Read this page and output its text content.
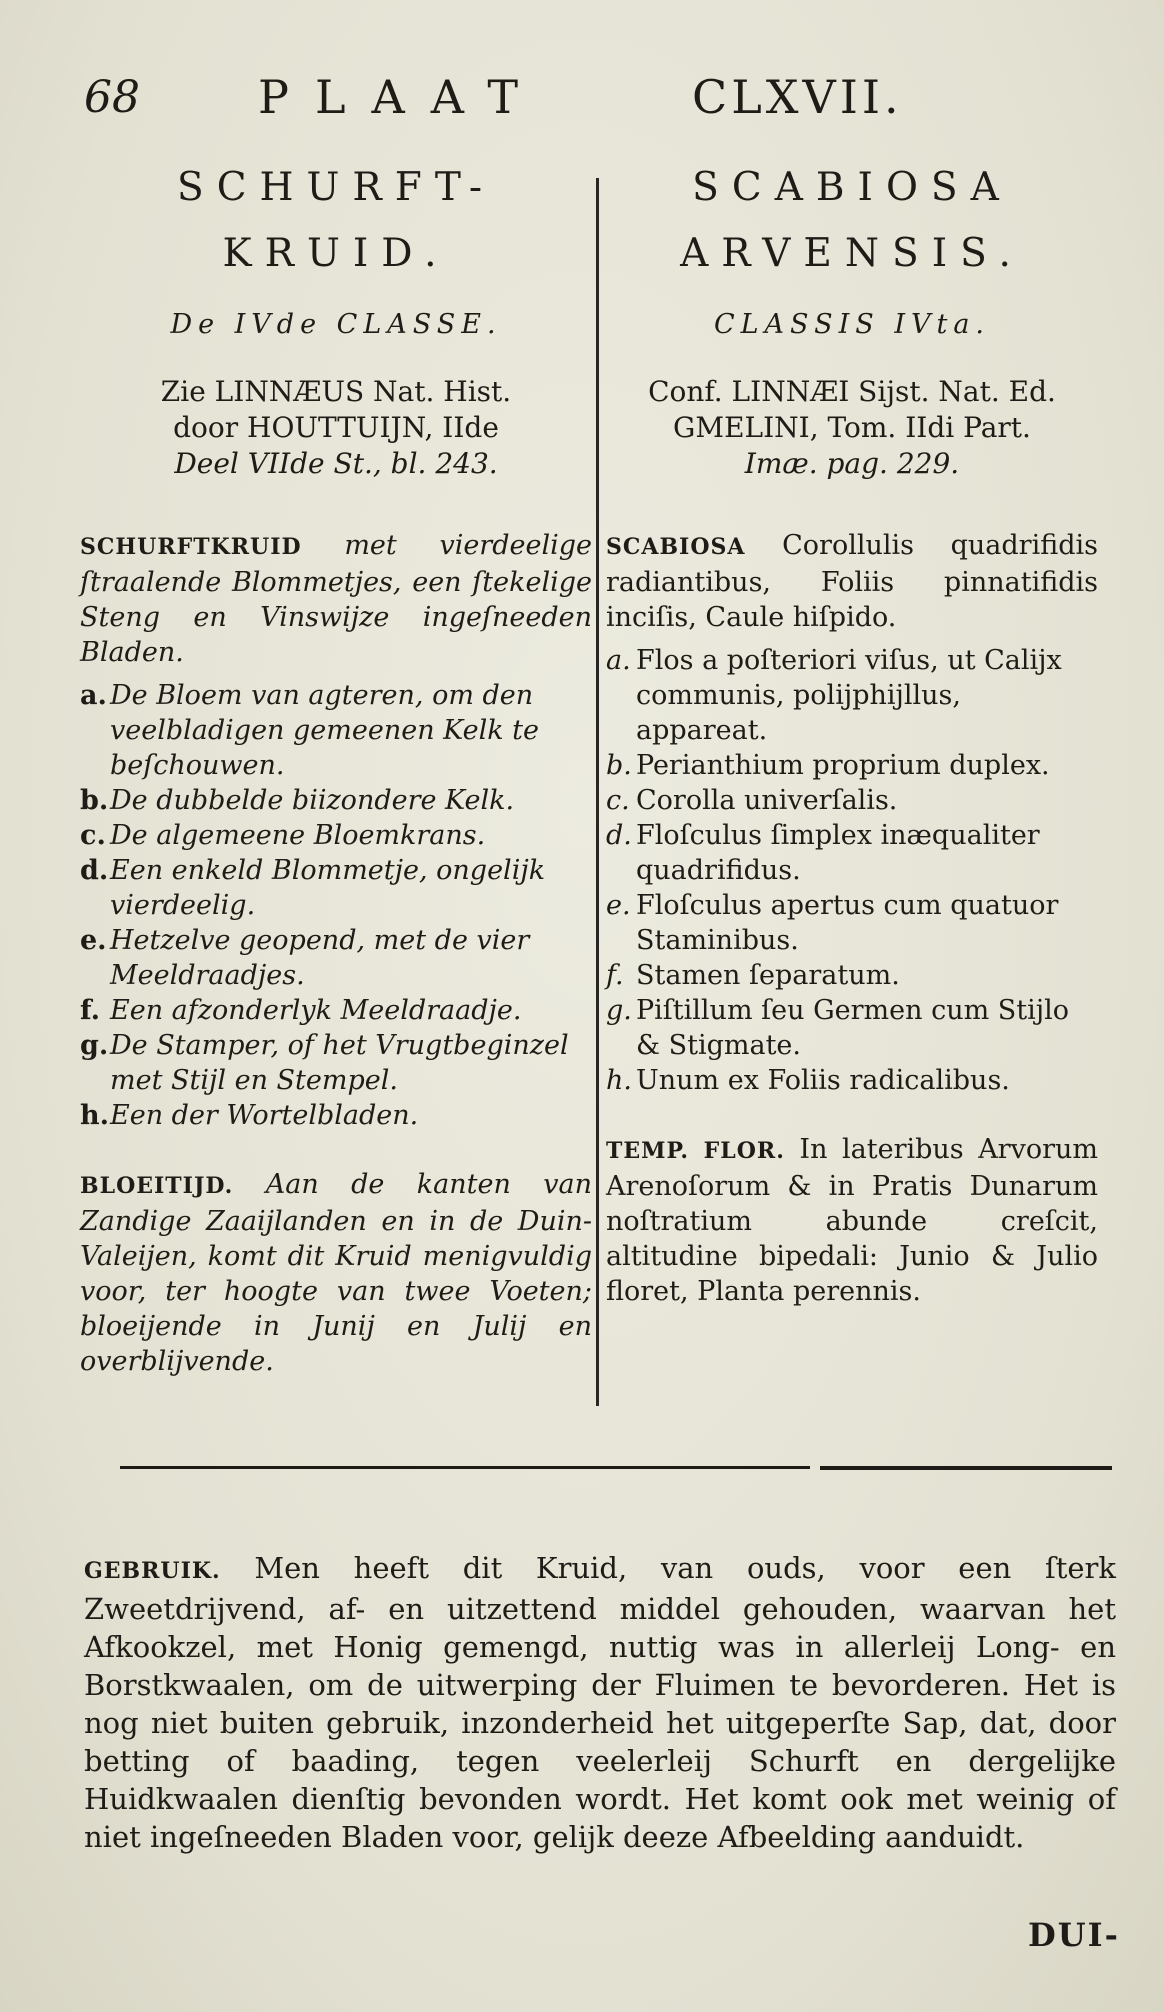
68	PLAAT	CLXVII.

SCHURFT-

KRUID.

De IVde CLASSE.

Zie LINNÆUS Nat. Hist.
door HOUTTUIJN, IIde
Deel VIIde St., bl. 243.

SCHURFTKRUID met vierdeelige ſtraalende Blommetjes, een ſtekelige Steng en Vinswijze ingeſneeden Bladen.

a. De Bloem van agteren, om den veelbladigen gemeenen Kelk te beſchouwen.
b. De dubbelde biizondere Kelk.
c. De algemeene Bloemkrans.
d. Een enkeld Blommetje, ongelijk vierdeelig.
e. Hetzelve geopend, met de vier Meeldraadjes.
f. Een afzonderlyk Meeldraadje.
g. De Stamper, of het Vrugtbeginzel met Stijl en Stempel.
h. Een der Wortelbladen.

BLOEITIJD. Aan de kanten van Zandige Zaaijlanden en in de Duin-Valeijen, komt dit Kruid menigvuldig voor, ter hoogte van twee Voeten; bloeijende in Junij en Julij en overblijvende.

SCABIOSA

ARVENSIS.

CLASSIS IVta.

Conf. LINNÆI Sijst. Nat. Ed.
GMELINI, Tom. IIdi Part.
Imæ. pag. 229.

SCABIOSA Corollulis quadrifidis radiantibus, Foliis pinnatifidis inciſis, Caule hiſpido.

a. Flos a poſteriori viſus, ut Calijx communis, polijphijllus, appareat.
b. Perianthium proprium duplex.
c. Corolla univerſalis.
d. Floſculus ſimplex inæqualiter quadrifidus.
e. Floſculus apertus cum quatuor Staminibus.
f. Stamen ſeparatum.
g. Piſtillum ſeu Germen cum Stijlo & Stigmate.
h. Unum ex Foliis radicalibus.

TEMP. FLOR. In lateribus Arvorum Arenoſorum & in Pratis Dunarum noſtratium abunde creſcit, altitudine bipedali: Junio & Julio floret, Planta perennis.

GEBRUIK. Men heeft dit Kruid, van ouds, voor een ſterk Zweetdrijvend, af- en uitzettend middel gehouden, waarvan het Afkookzel, met Honig gemengd, nuttig was in allerleij Long- en Borstkwaalen, om de uitwerping der Fluimen te bevorderen. Het is nog niet buiten gebruik, inzonderheid het uitgeperſte Sap, dat, door betting of baading, tegen veelerleij Schurft en dergelijke Huidkwaalen dienſtig bevonden wordt. Het komt ook met weinig of niet ingeſneeden Bladen voor, gelijk deeze Afbeelding aanduidt.

DUI-
